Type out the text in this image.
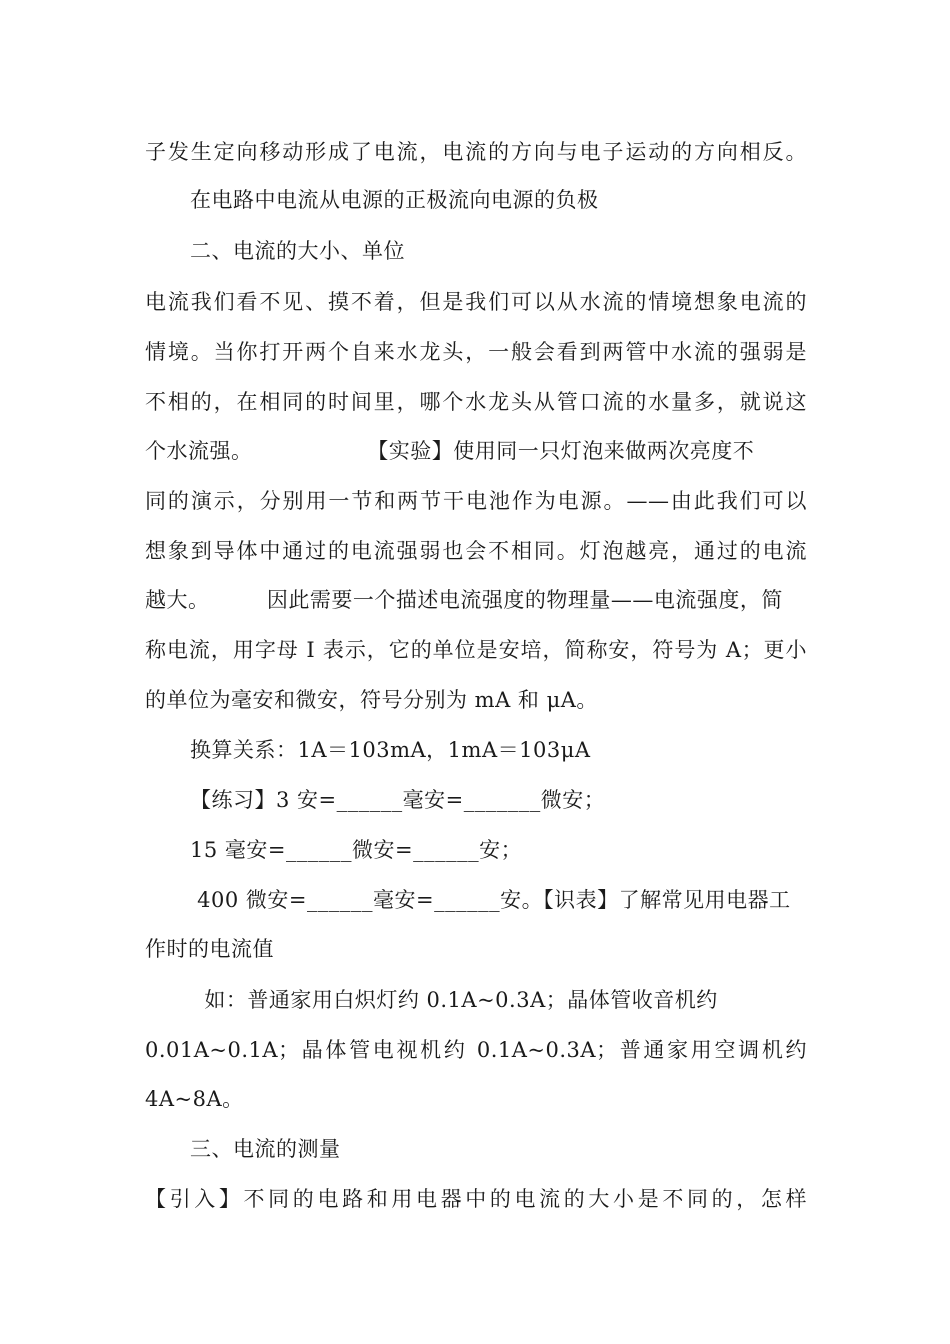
子发生定向移动形成了电流，电流的方向与电子运动的方向相反。
在电路中电流从电源的正极流向电源的负极
二、电流的大小、单位
电流我们看不见、摸不着，但是我们可以从水流的情境想象电流的
情境。当你打开两个自来水龙头，一般会看到两管中水流的强弱是
不相的，在相同的时间里，哪个水龙头从管口流的水量多，就说这
个水流强。                【实验】使用同一只灯泡来做两次亮度不
同的演示，分别用一节和两节干电池作为电源。——由此我们可以
想象到导体中通过的电流强弱也会不相同。灯泡越亮，通过的电流
越大。        因此需要一个描述电流强度的物理量——电流强度，简
称电流，用字母 I 表示，它的单位是安培，简称安，符号为 A；更小
的单位为毫安和微安，符号分别为 mA 和 μA。
换算关系：1A＝103mA，1mA＝103μA
【练习】3 安=______毫安=_______微安；
15 毫安=______微安=______安；
400 微安=______毫安=______安。【识表】了解常见用电器工
作时的电流值
如：普通家用白炽灯约 0.1A~0.3A；晶体管收音机约
0.01A~0.1A；晶体管电视机约 0.1A~0.3A；普通家用空调机约
4A~8A。
三、电流的测量
【引入】不同的电路和用电器中的电流的大小是不同的，怎样
